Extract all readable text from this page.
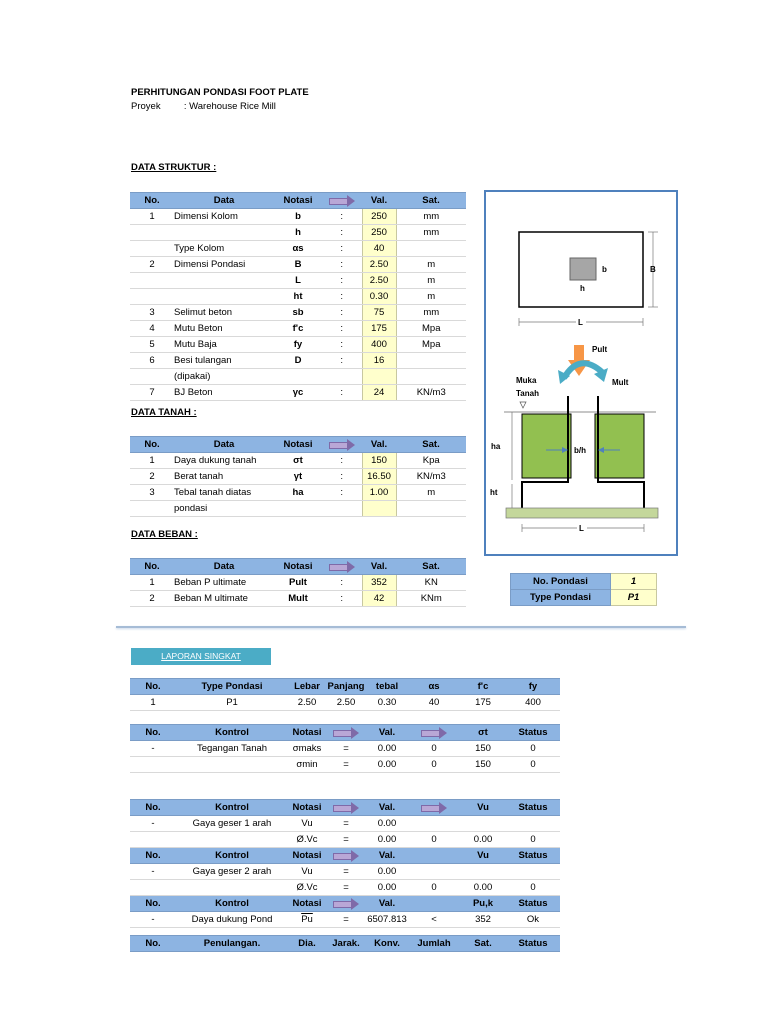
PERHITUNGAN PONDASI FOOT PLATE
Proyek : Warehouse Rice Mill
DATA STRUKTUR :
No.	Data	Notasi		Val.	Sat.
1	Dimensi Kolom	b	:	250	mm
		h	:	250	mm
	Type Kolom	αs	:	40	
2	Dimensi Pondasi	B	:	2.50	m
		L	:	2.50	m
		ht	:	0.30	m
3	Selimut beton	sb	:	75	mm
4	Mutu Beton	f'c	:	175	Mpa
5	Mutu Baja	fy	:	400	Mpa
6	Besi tulangan	D	:	16	
	(dipakai)				
7	BJ Beton	γc	:	24	KN/m3
DATA TANAH :
No.	Data	Notasi		Val.	Sat.
1	Daya dukung tanah	σt	:	150	Kpa
2	Berat tanah	γt	:	16.50	KN/m3
3	Tebal tanah diatas	ha	:	1.00	m
	pondasi				
DATA BEBAN :
No.	Data	Notasi		Val.	Sat.
1	Beban P ultimate	Pult	:	352	KN
2	Beban M ultimate	Mult	:	42	KNm
No. Pondasi	1
Type Pondasi	P1
b
h
B
L
Pult
Mult
Muka
Tanah
b/h
ha
ht
L
LAPORAN SINGKAT
No.	Type Pondasi	Lebar	Panjang	tebal	αs	f'c	fy
1	P1	2.50	2.50	0.30	40	175	400
No.	Kontrol	Notasi		Val.		σt	Status
-	Tegangan Tanah	σmaks	=	0.00	0	150	0
		σmin	=	0.00	0	150	0
No.	Kontrol	Notasi		Val.		Vu	Status
-	Gaya geser 1 arah	Vu	=	0.00			
		Ø.Vc	=	0.00	0	0.00	0
No.	Kontrol	Notasi		Val.		Vu	Status
-	Gaya geser 2 arah	Vu	=	0.00			
		Ø.Vc	=	0.00	0	0.00	0
No.	Kontrol	Notasi		Val.		Pu,k	Status
-	Daya dukung Pond	$\overline{Pu}$	=	6507.813	<	352	Ok
No.	Penulangan.	Dia.	Jarak.	Konv.	Jumlah	Sat.	Status
